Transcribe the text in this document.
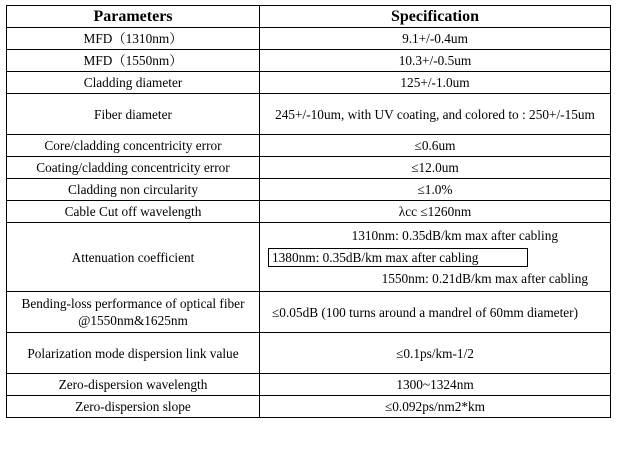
Parameters	Specification
MFD（1310nm）	9.1+/-0.4um
MFD（1550nm）	10.3+/-0.5um
Cladding diameter	125+/-1.0um
Fiber diameter	245+/-10um, with UV coating, and colored to : 250+/-15um
Core/cladding concentricity error	≤0.6um
Coating/cladding concentricity error	≤12.0um
Cladding non circularity	≤1.0%
Cable Cut off wavelength	λcc ≤1260nm
Attenuation coefficient	1310nm: 0.35dB/km max after cabling
1380nm: 0.35dB/km max after cabling
1550nm: 0.21dB/km max after cabling

Bending-loss performance of optical fiber @1550nm&1625nm	≤0.05dB (100 turns around a mandrel of 60mm diameter)
Polarization mode dispersion link value	≤0.1ps/km-1/2
Zero-dispersion wavelength	1300~1324nm
Zero-dispersion slope	≤0.092ps/nm2*km
